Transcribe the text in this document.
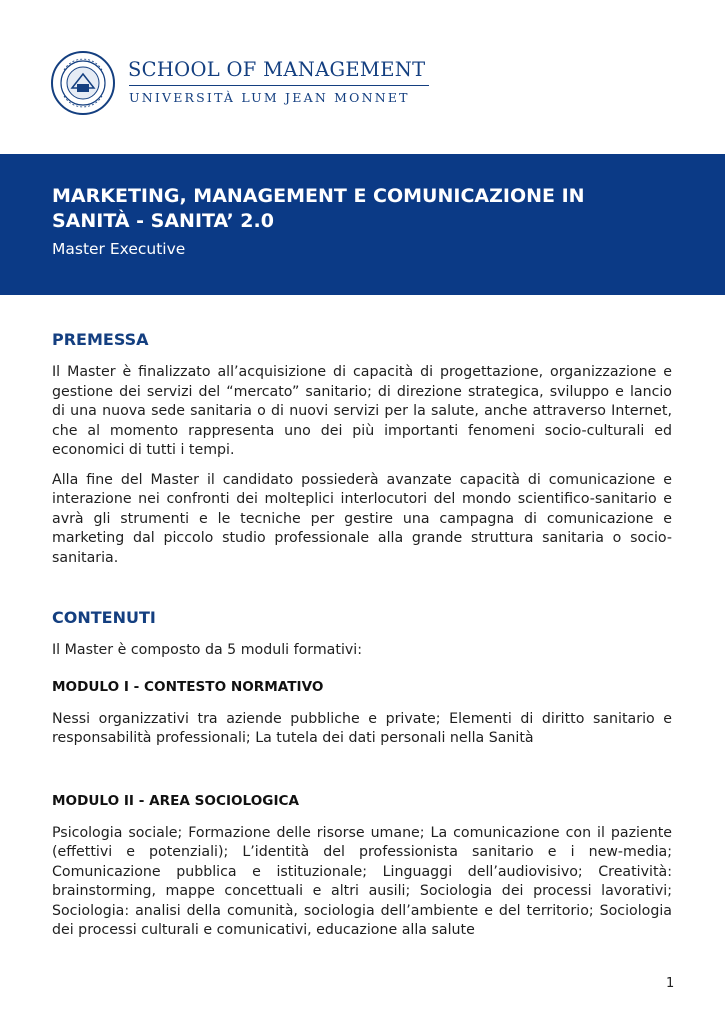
SCHOOL OF MANAGEMENT
UNIVERSITÀ LUM JEAN MONNET
MARKETING, MANAGEMENT E COMUNICAZIONE IN SANITÀ - SANITA’ 2.0
Master Executive
PREMESSA

Il Master è finalizzato all’acquisizione di capacità di progettazione, organizzazione e gestione dei servizi del “mercato” sanitario; di direzione strategica, sviluppo e lancio di una nuova sede sanitaria o di nuovi servizi per la salute, anche attraverso Internet, che al momento rappresenta uno dei più importanti fenomeni socio-culturali ed economici di tutti i tempi.

Alla fine del Master il candidato possiederà avanzate capacità di comunicazione e interazione nei confronti dei molteplici interlocutori del mondo scientifico-sanitario e avrà gli strumenti e le tecniche per gestire una campagna di comunicazione e marketing dal piccolo studio professionale alla grande struttura sanitaria o socio-sanitaria.

CONTENUTI

Il Master è composto da 5 moduli formativi:

MODULO I - CONTESTO NORMATIVO

Nessi organizzativi tra aziende pubbliche e private; Elementi di diritto sanitario e responsabilità professionali; La tutela dei dati personali nella Sanità

MODULO II - AREA SOCIOLOGICA

Psicologia sociale; Formazione delle risorse umane; La comunicazione con il paziente (effettivi e potenziali); L’identità del professionista sanitario e i new-media; Comunicazione pubblica e istituzionale; Linguaggi dell’audiovisivo; Creatività: brainstorming, mappe concettuali e altri ausili; Sociologia dei processi lavorativi; Sociologia: analisi della comunità, sociologia dell’ambiente e del territorio; Sociologia dei processi culturali e comunicativi, educazione alla salute

1
